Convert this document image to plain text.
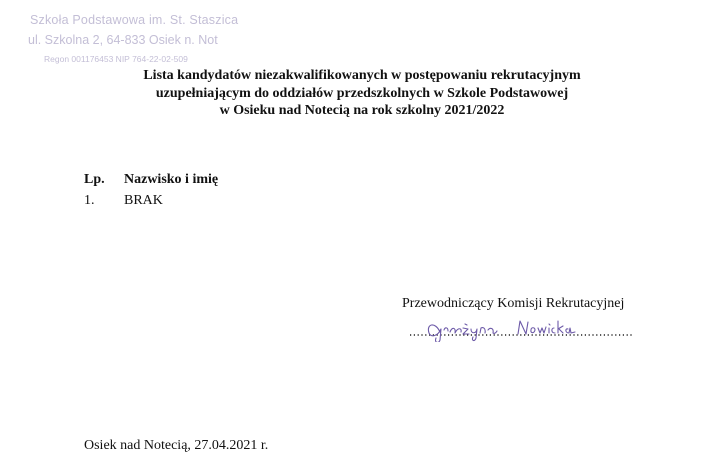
Szkoła Podstawowa im. St. Staszica
ul. Szkolna 2, 64-833 Osiek n. Not
Regon 001176453 NIP 764-22-02-509
Lista kandydatów niezakwalifikowanych w postępowaniu rekrutacyjnym
uzupełniającym do oddziałów przedszkolnych w Szkole Podstawowej
w Osieku nad Notecią na rok szkolny 2021/2022
Lp. Nazwisko i imię
1. BRAK
Przewodniczący Komisji Rekrutacyjnej
Osiek nad Notecią, 27.04.2021 r.
